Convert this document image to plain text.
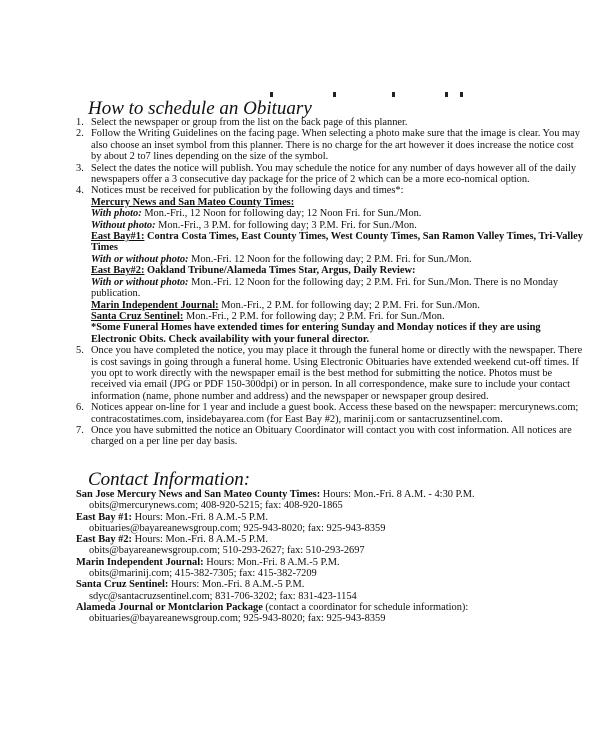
How to schedule an Obituary
1. Select the newspaper or group from the list on the back page of this planner.
2. Follow the Writing Guidelines on the facing page. When selecting a photo make sure that the image is clear. You may also choose an inset symbol from this planner. There is no charge for the art however it does increase the notice cost by about 2 to7 lines depending on the size of the symbol.
3. Select the dates the notice will publish. You may schedule the notice for any number of days however all of the daily newspapers offer a 3 consecutive day package for the price of 2 which can be a more eco-nomical option.
4. Notices must be received for publication by the following days and times*:
Mercury News and San Mateo County Times:
With photo: Mon.-Fri., 12 Noon for following day; 12 Noon Fri. for Sun./Mon.
Without photo: Mon.-Fri., 3 P.M. for following day; 3 P.M. Fri. for Sun./Mon.
East Bay#1: Contra Costa Times, East County Times, West County Times, San Ramon Valley Times, Tri-Valley Times
With or without photo: Mon.-Fri. 12 Noon for the following day; 2 P.M. Fri. for Sun./Mon.
East Bay#2: Oakland Tribune/Alameda Times Star, Argus, Daily Review:
With or without photo: Mon.-Fri. 12 Noon for the following day; 2 P.M. Fri. for Sun./Mon. There is no Monday publication.
Marin Independent Journal: Mon.-Fri., 2 P.M. for following day; 2 P.M. Fri. for Sun./Mon.
Santa Cruz Sentinel: Mon.-Fri., 2 P.M. for following day; 2 P.M. Fri. for Sun./Mon.
*Some Funeral Homes have extended times for entering Sunday and Monday notices if they are using Electronic Obits. Check availability with your funeral director.
5. Once you have completed the notice, you may place it through the funeral home or directly with the newspaper. There is cost savings in going through a funeral home. Using Electronic Obituaries have extended weekend cut-off times. If you opt to work directly with the newspaper email is the best method for submitting the notice. Photos must be received via email (JPG or PDF 150-300dpi) or in person. In all correspondence, make sure to include your contact information (name, phone number and address) and the newspaper or newspaper group desired.
6. Notices appear on-line for 1 year and include a guest book. Access these based on the newspaper: mercurynews.com; contracostatimes.com, insidebayarea.com (for East Bay #2), marinij.com or santacruzsentinel.com.
7. Once you have submitted the notice an Obituary Coordinator will contact you with cost information. All notices are charged on a per line per day basis.
Contact Information:
San Jose Mercury News and San Mateo County Times: Hours: Mon.-Fri. 8 A.M. - 4:30 P.M.
obits@mercurynews.com; 408-920-5215; fax: 408-920-1865
East Bay #1: Hours: Mon.-Fri. 8 A.M.-5 P.M.
obituaries@bayareanewsgroup.com; 925-943-8020; fax: 925-943-8359
East Bay #2: Hours: Mon.-Fri. 8 A.M.-5 P.M.
obits@bayareanewsgroup.com; 510-293-2627; fax: 510-293-2697
Marin Independent Journal: Hours: Mon.-Fri. 8 A.M.-5 P.M.
obits@marinij.com; 415-382-7305; fax: 415-382-7209
Santa Cruz Sentinel: Hours: Mon.-Fri. 8 A.M.-5 P.M.
sdyc@santacruzsentinel.com; 831-706-3202; fax: 831-423-1154
Alameda Journal or Montclarion Package (contact a coordinator for schedule information):
obituaries@bayareanewsgroup.com; 925-943-8020; fax: 925-943-8359
